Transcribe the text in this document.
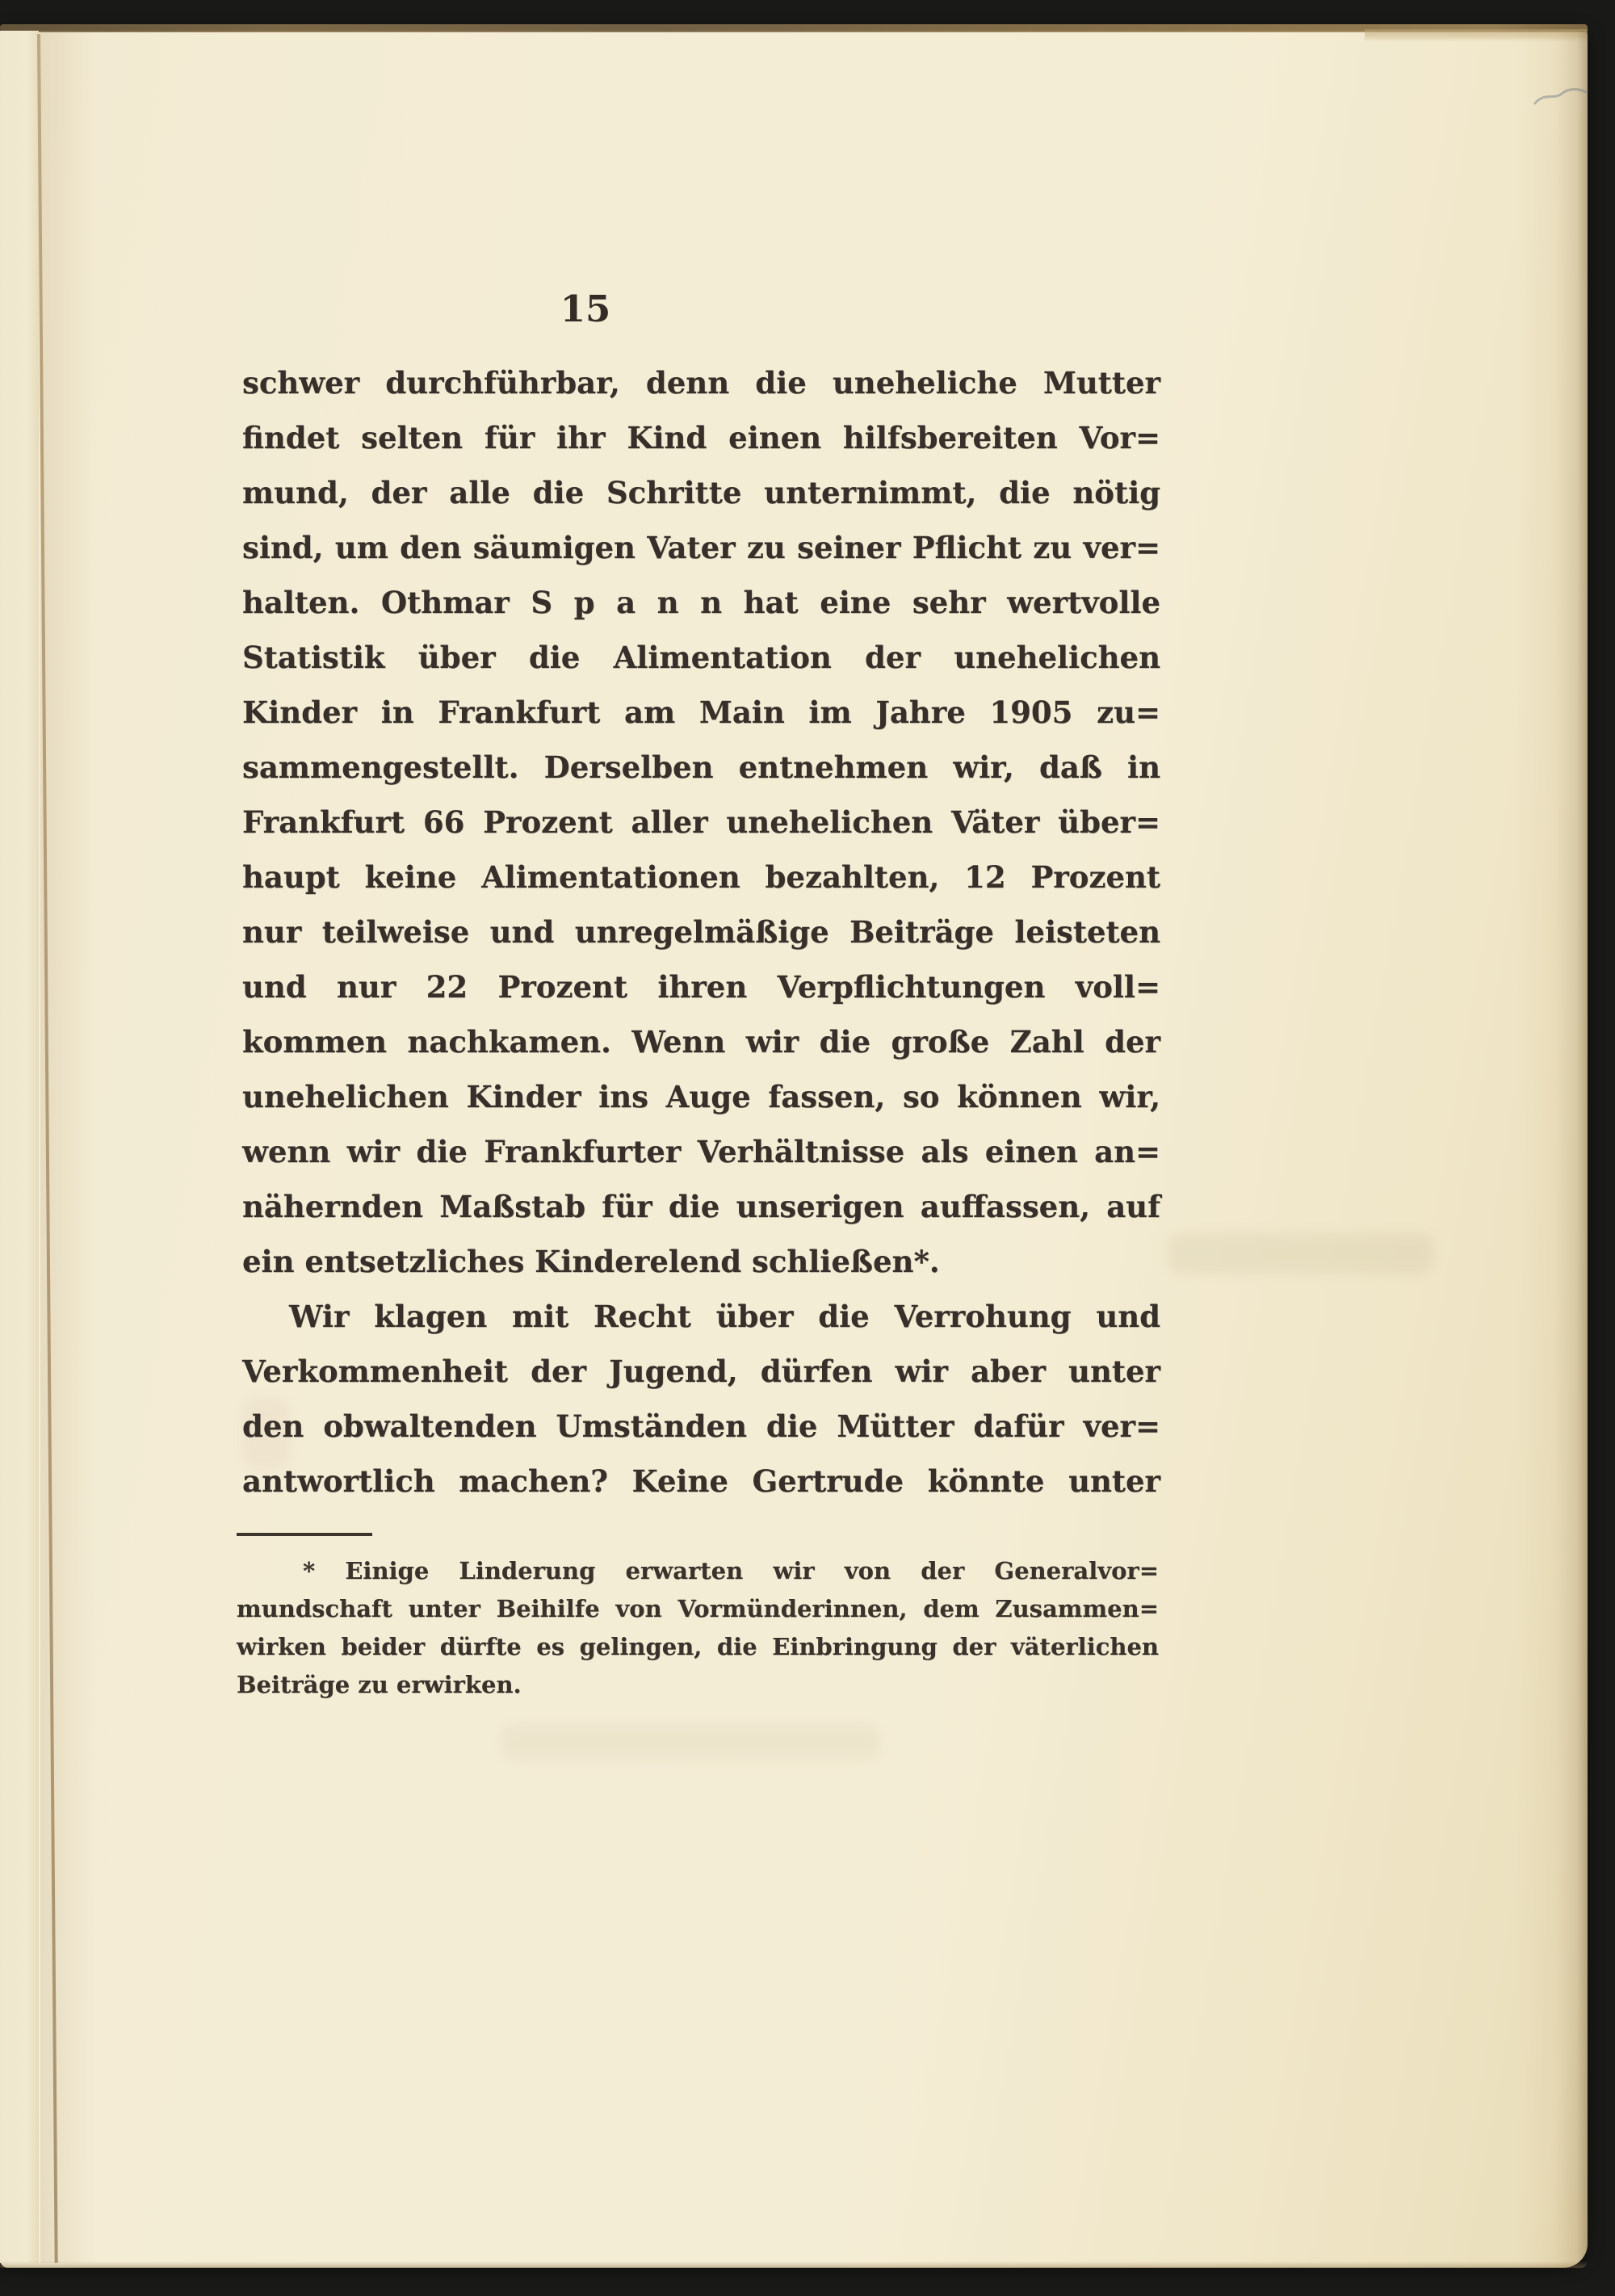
15
schwer durchführbar, denn die uneheliche Mutter
findet selten für ihr Kind einen hilfsbereiten Vor=
mund, der alle die Schritte unternimmt, die nötig
sind, um den säumigen Vater zu seiner Pflicht zu ver=
halten. Othmar S p a n n hat eine sehr wertvolle
Statistik über die Alimentation der unehelichen
Kinder in Frankfurt am Main im Jahre 1905 zu=
sammengestellt. Derselben entnehmen wir, daß in
Frankfurt 66 Prozent aller unehelichen Väter über=
haupt keine Alimentationen bezahlten, 12 Prozent
nur teilweise und unregelmäßige Beiträge leisteten
und nur 22 Prozent ihren Verpflichtungen voll=
kommen nachkamen. Wenn wir die große Zahl der
unehelichen Kinder ins Auge fassen, so können wir,
wenn wir die Frankfurter Verhältnisse als einen an=
nähernden Maßstab für die unserigen auffassen, auf
ein entsetzliches Kinderelend schließen*.
Wir klagen mit Recht über die Verrohung und
Verkommenheit der Jugend, dürfen wir aber unter
den obwaltenden Umständen die Mütter dafür ver=
antwortlich machen? Keine Gertrude könnte unter
* Einige Linderung erwarten wir von der Generalvor=
mundschaft unter Beihilfe von Vormünderinnen, dem Zusammen=
wirken beider dürfte es gelingen, die Einbringung der väterlichen
Beiträge zu erwirken.
